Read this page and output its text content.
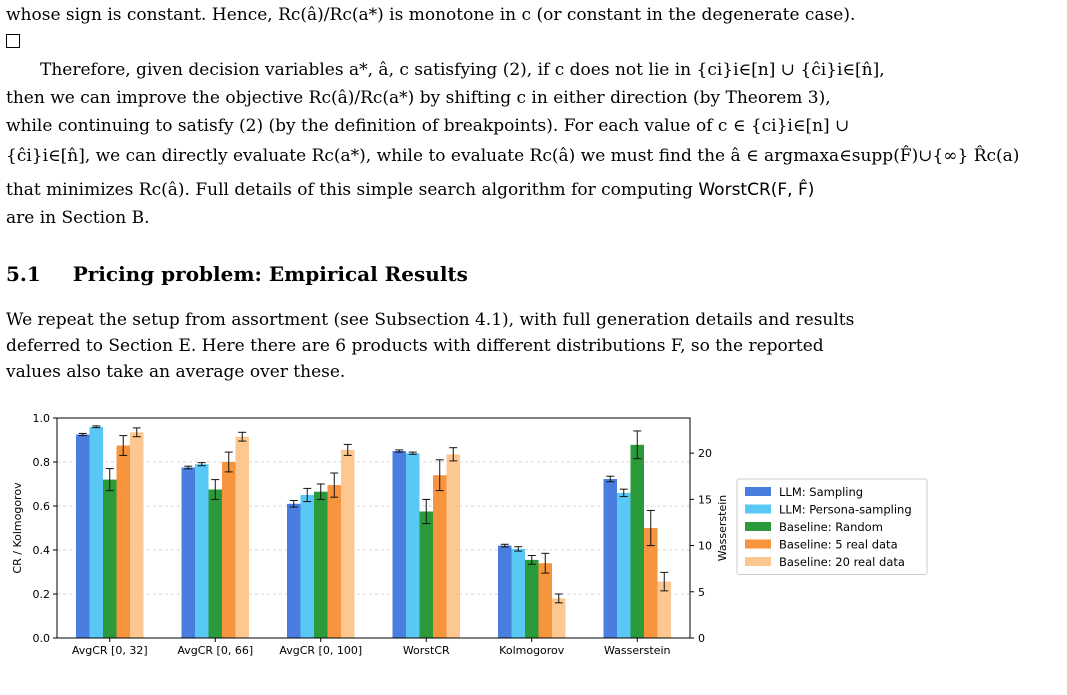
whose sign is constant. Hence, Rc(â)/Rc(a*) is monotone in c (or constant in the degenerate case).
Therefore, given decision variables a*, â, c satisfying (2), if c does not lie in {ci}i∈[n] ∪ {ĉi}i∈[n̂],
then we can improve the objective Rc(â)/Rc(a*) by shifting c in either direction (by Theorem 3),
while continuing to satisfy (2) (by the definition of breakpoints). For each value of c ∈ {ci}i∈[n] ∪
{ĉi}i∈[n̂], we can directly evaluate Rc(a*), while to evaluate Rc(â) we must find the â ∈ argmaxa∈supp(F̂)∪{∞} R̂c(a)
that minimizes Rc(â). Full details of this simple search algorithm for computing WorstCR(F, F̂)
are in Section B.
5.1 Pricing problem: Empirical Results
We repeat the setup from assortment (see Subsection 4.1), with full generation details and results
deferred to Section E. Here there are 6 products with different distributions F, so the reported
values also take an average over these.
0.0
0.2
0.4
0.6
0.8
1.0
0
5
10
15
20
AvgCR [0, 32]	AvgCR [0, 66] AvgCR [0, 100]	WorstCR	Kolmogorov	Wasserstein
CR / Kolmogorov	Wasserstein
LLM: Sampling
LLM: Persona-sampling
Baseline: Random
Baseline: 5 real data
Baseline: 20 real data
